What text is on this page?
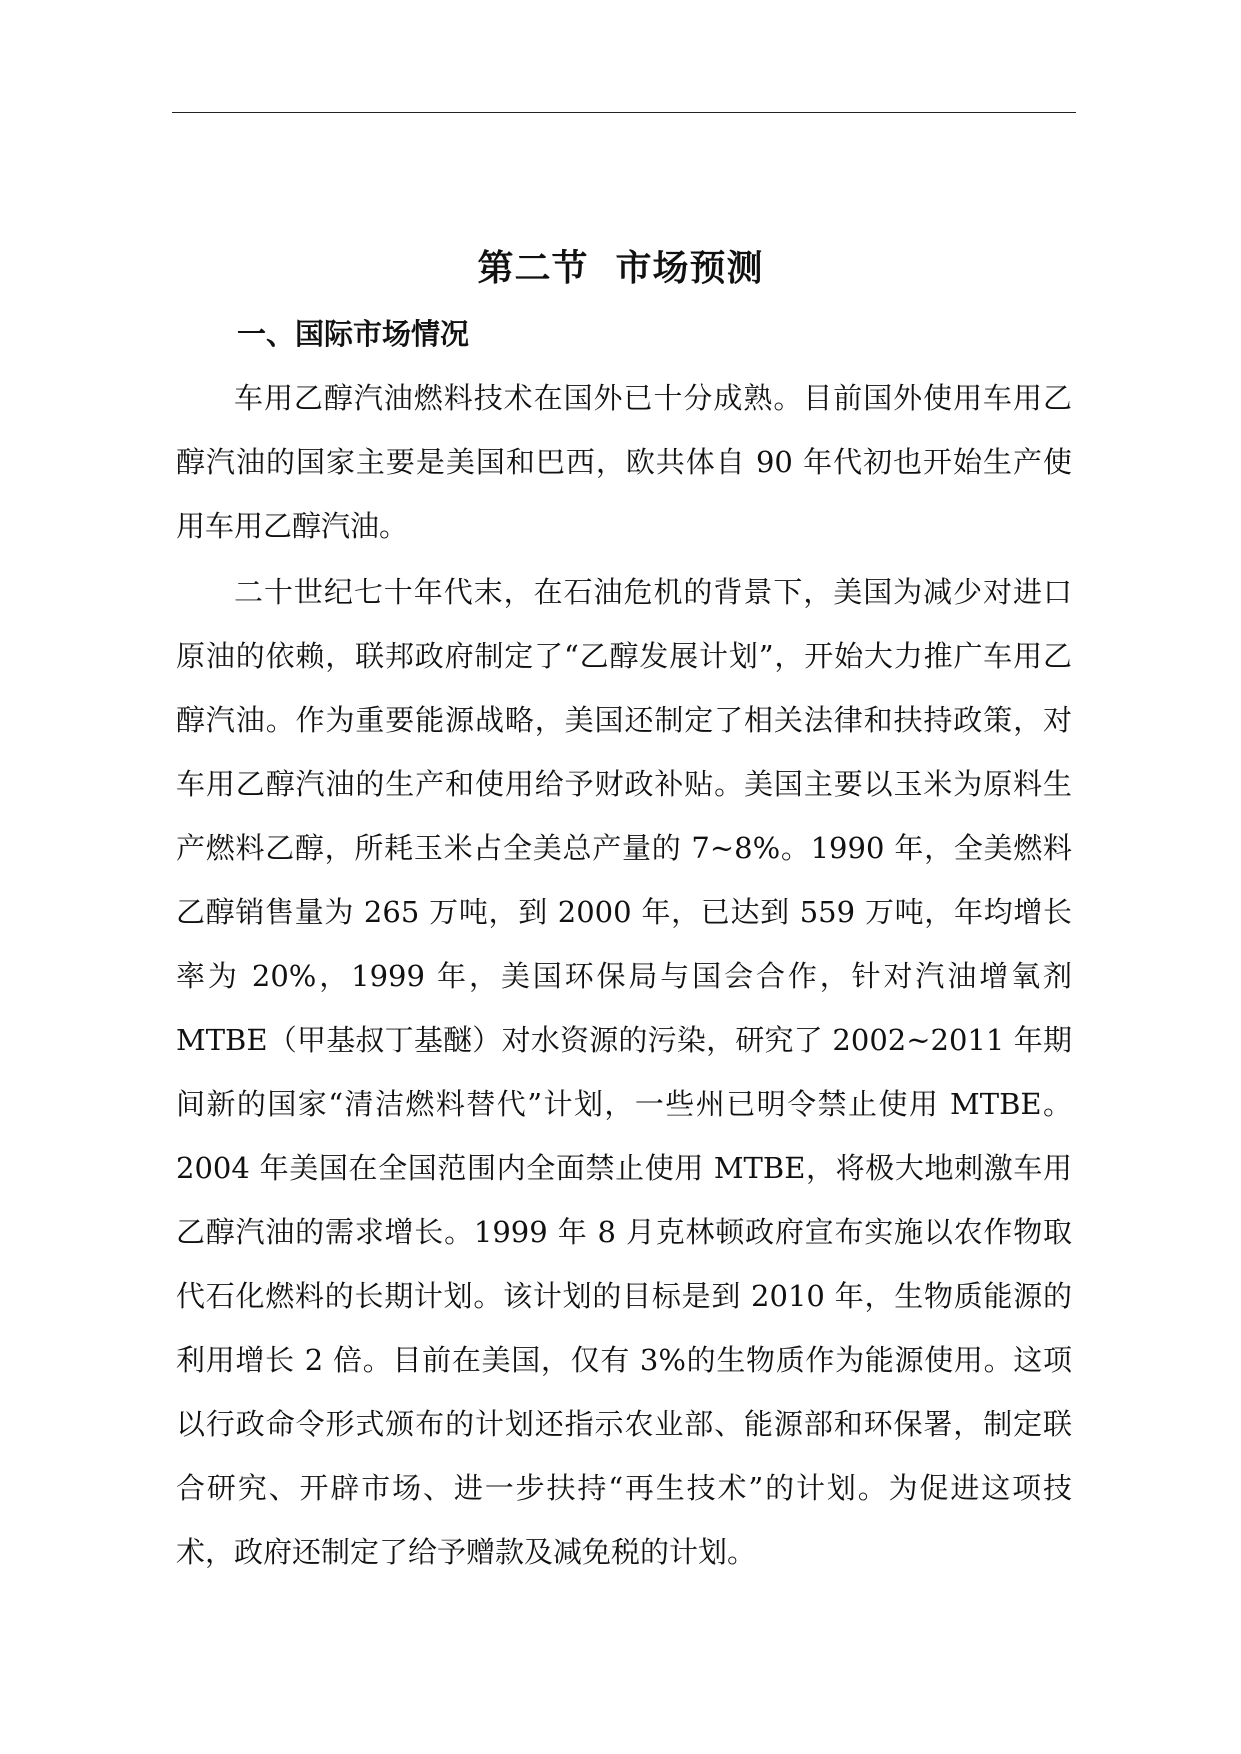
第二节  市场预测
一、国际市场情况

车用乙醇汽油燃料技术在国外已十分成熟。目前国外使用车用乙醇汽油的国家主要是美国和巴西，欧共体自 90 年代初也开始生产使用车用乙醇汽油。

二十世纪七十年代末，在石油危机的背景下，美国为减少对进口原油的依赖，联邦政府制定了“乙醇发展计划”，开始大力推广车用乙醇汽油。作为重要能源战略，美国还制定了相关法律和扶持政策，对车用乙醇汽油的生产和使用给予财政补贴。美国主要以玉米为原料生产燃料乙醇，所耗玉米占全美总产量的 7~8%。1990 年，全美燃料乙醇销售量为 265 万吨，到 2000 年，已达到 559 万吨，年均增长率为 20%，1999 年，美国环保局与国会合作，针对汽油增氧剂 MTBE（甲基叔丁基醚）对水资源的污染，研究了 2002~2011 年期间新的国家“清洁燃料替代”计划，一些州已明令禁止使用 MTBE。2004 年美国在全国范围内全面禁止使用 MTBE，将极大地刺激车用乙醇汽油的需求增长。1999 年 8 月克林顿政府宣布实施以农作物取代石化燃料的长期计划。该计划的目标是到 2010 年，生物质能源的利用增长 2 倍。目前在美国，仅有 3%的生物质作为能源使用。这项以行政命令形式颁布的计划还指示农业部、能源部和环保署，制定联合研究、开辟市场、进一步扶持“再生技术”的计划。为促进这项技术，政府还制定了给予赠款及减免税的计划。
